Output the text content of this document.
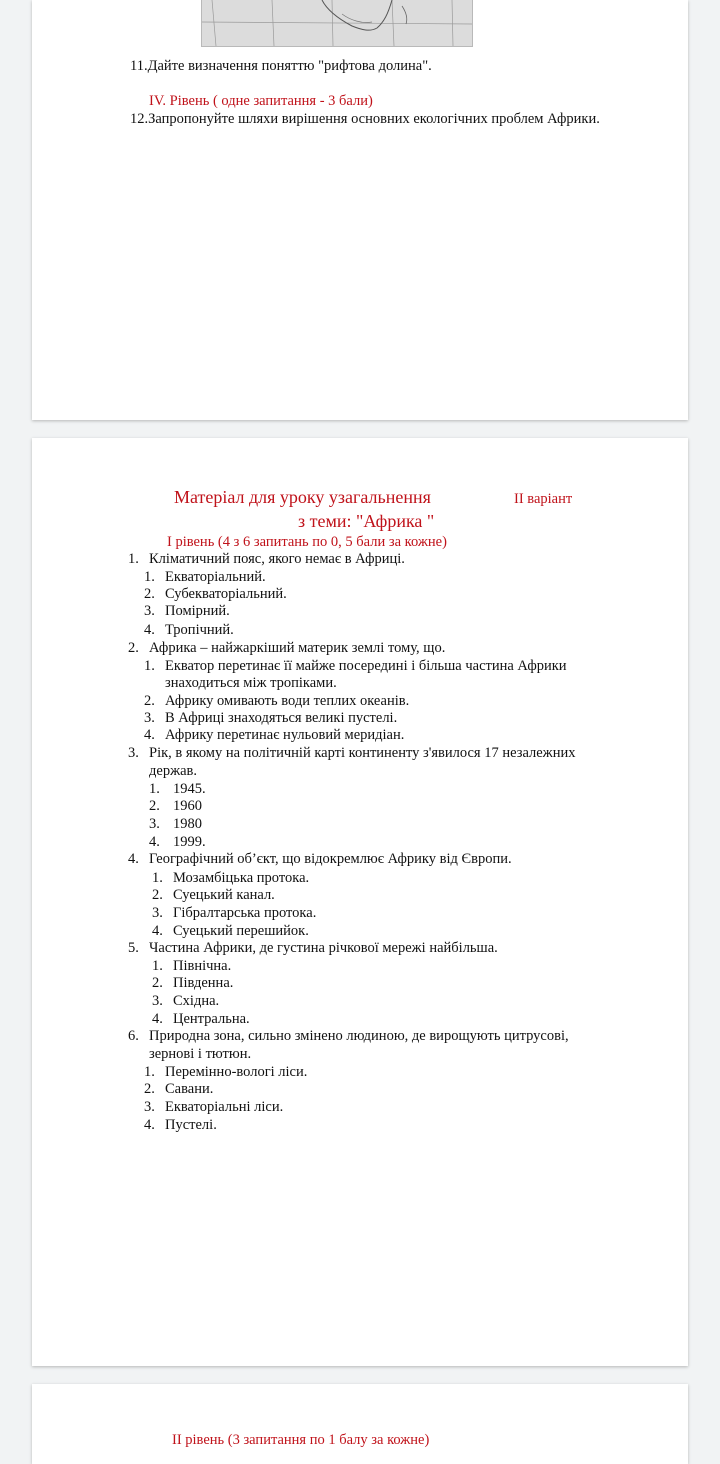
11.Дайте визначення поняттю "рифтова долина".
IV. Рівень ( одне запитання - 3 бали)
12.Запропонуйте шляхи вирішення основних екологічних проблем Африки.
Матеріал для уроку узагальнення	ІІ варіант
з теми: "Африка "
І рівень (4 з 6 запитань по 0, 5 бали за кожне)
1. Кліматичний пояс, якого немає в Африці.
1. Екваторіальний.
2. Субекваторіальний.
3. Помірний.
4. Тропічний.
2. Африка – найжаркіший материк землі тому, що.
1. Екватор перетинає її майже посередині і більша частина Африки
знаходиться між тропіками.
2. Африку омивають води теплих океанів.
3. В Африці знаходяться великі пустелі.
4. Африку перетинає нульовий меридіан.
3. Рік, в якому на політичній карті континенту з'явилося 17 незалежних
держав.
1. 1945.
2. 1960
3. 1980
4. 1999.
4. Географічний об’єкт, що відокремлює Африку від Європи.
1. Мозамбіцька протока.
2. Суецький канал.
3. Гібралтарська протока.
4. Суецький перешийок.
5. Частина Африки, де густина річкової мережі найбільша.
1. Північна.
2. Південна.
3. Східна.
4. Центральна.
6. Природна зона, сильно змінено людиною, де вирощують цитрусові,
зернові і тютюн.
1. Перемінно-вологі ліси.
2. Савани.
3. Екваторіальні ліси.
4. Пустелі.
ІІ рівень (3 запитання по 1 балу за кожне)
